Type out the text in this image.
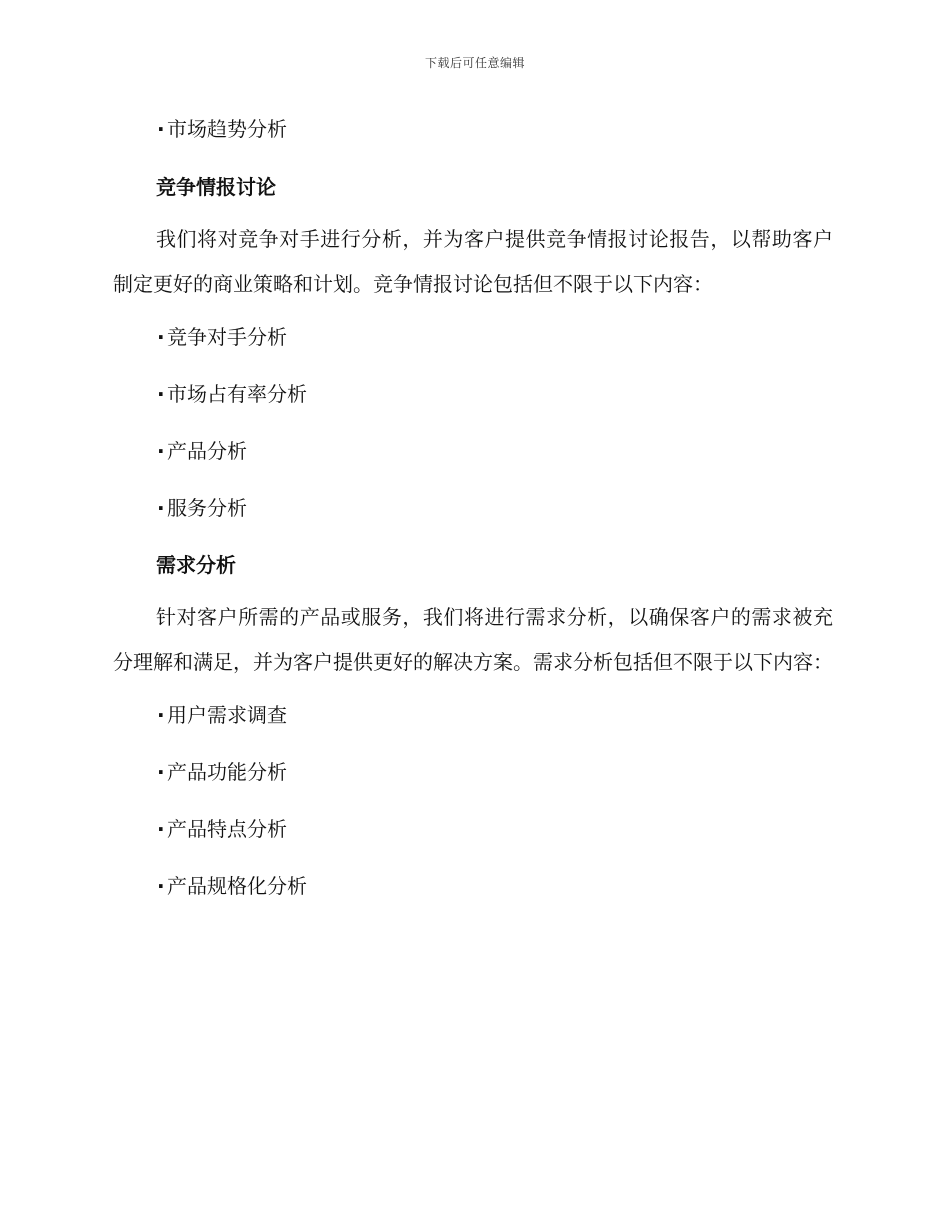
下载后可任意编辑
· 市场趋势分析
竞争情报讨论

我们将对竞争对手进行分析，并为客户提供竞争情报讨论报告，以帮助客户制定更好的商业策略和计划。竞争情报讨论包括但不限于以下内容：

· 竞争对手分析
· 市场占有率分析
· 产品分析
· 服务分析
需求分析

针对客户所需的产品或服务，我们将进行需求分析，以确保客户的需求被充分理解和满足，并为客户提供更好的解决方案。需求分析包括但不限于以下内容：

· 用户需求调查
· 产品功能分析
· 产品特点分析
· 产品规格化分析
